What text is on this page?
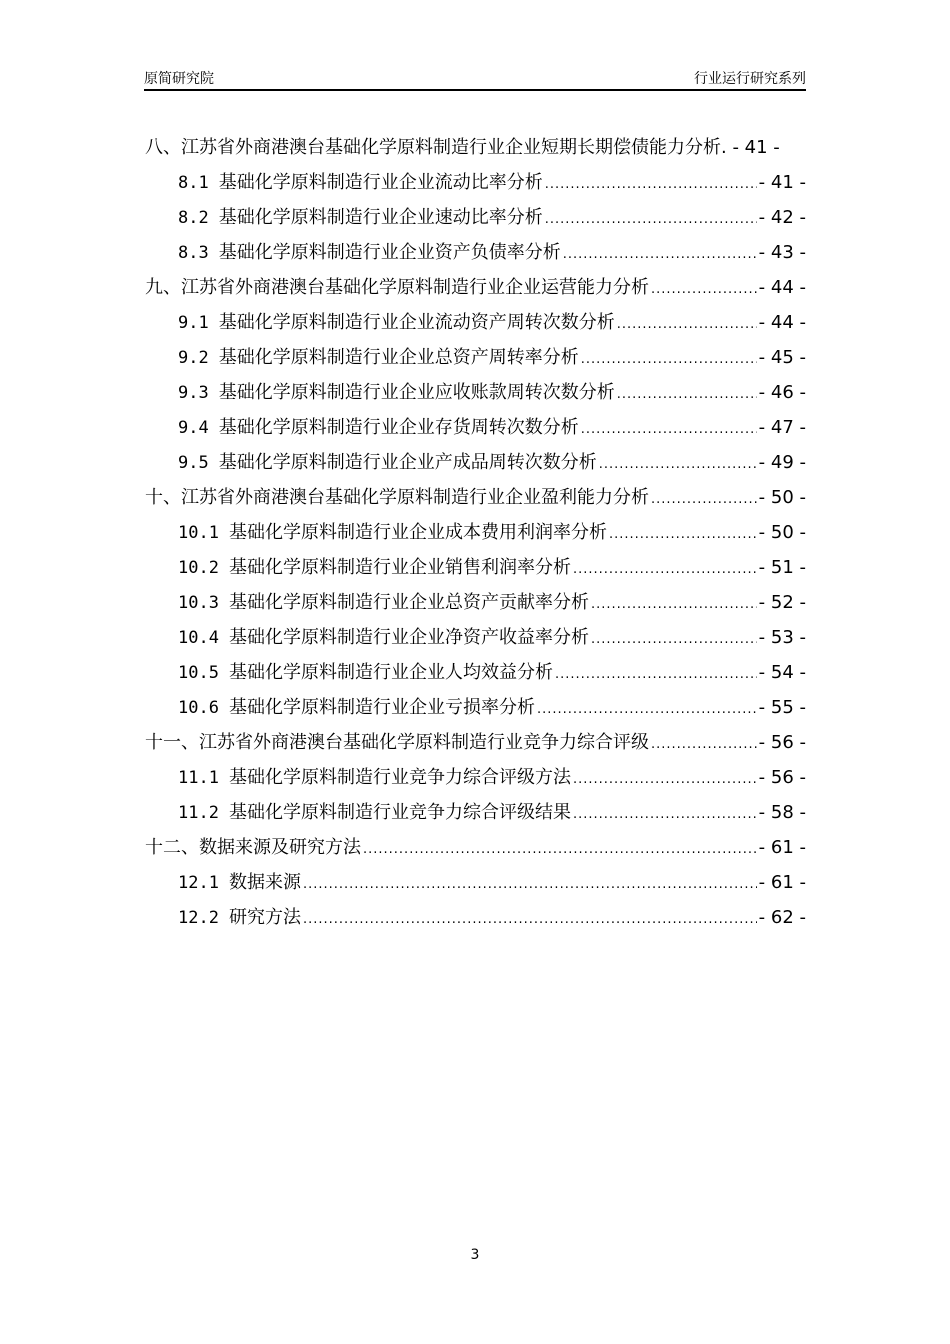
原简研究院	行业运行研究系列
八、江苏省外商港澳台基础化学原料制造行业企业短期长期偿债能力分析. - 41 -
8.1 基础化学原料制造行业企业流动比率分析 .....	- 41 -
8.2 基础化学原料制造行业企业速动比率分析 .....	- 42 -
8.3 基础化学原料制造行业企业资产负债率分析 .....	- 43 -
九、江苏省外商港澳台基础化学原料制造行业企业运营能力分析 .....	- 44 -
9.1 基础化学原料制造行业企业流动资产周转次数分析 .....	- 44 -
9.2 基础化学原料制造行业企业总资产周转率分析 .....	- 45 -
9.3 基础化学原料制造行业企业应收账款周转次数分析 .....	- 46 -
9.4 基础化学原料制造行业企业存货周转次数分析 .....	- 47 -
9.5 基础化学原料制造行业企业产成品周转次数分析 .....	- 49 -
十、江苏省外商港澳台基础化学原料制造行业企业盈利能力分析 .....	- 50 -
10.1 基础化学原料制造行业企业成本费用利润率分析 .....	- 50 -
10.2 基础化学原料制造行业企业销售利润率分析 .....	- 51 -
10.3 基础化学原料制造行业企业总资产贡献率分析 .....	- 52 -
10.4 基础化学原料制造行业企业净资产收益率分析 .....	- 53 -
10.5 基础化学原料制造行业企业人均效益分析 .....	- 54 -
10.6 基础化学原料制造行业企业亏损率分析 .....	- 55 -
十一、江苏省外商港澳台基础化学原料制造行业竞争力综合评级 .....	- 56 -
11.1 基础化学原料制造行业竞争力综合评级方法 .....	- 56 -
11.2 基础化学原料制造行业竞争力综合评级结果 .....	- 58 -
十二、数据来源及研究方法 .....	- 61 -
12.1 数据来源 .....	- 61 -
12.2 研究方法 .....	- 62 -
3
